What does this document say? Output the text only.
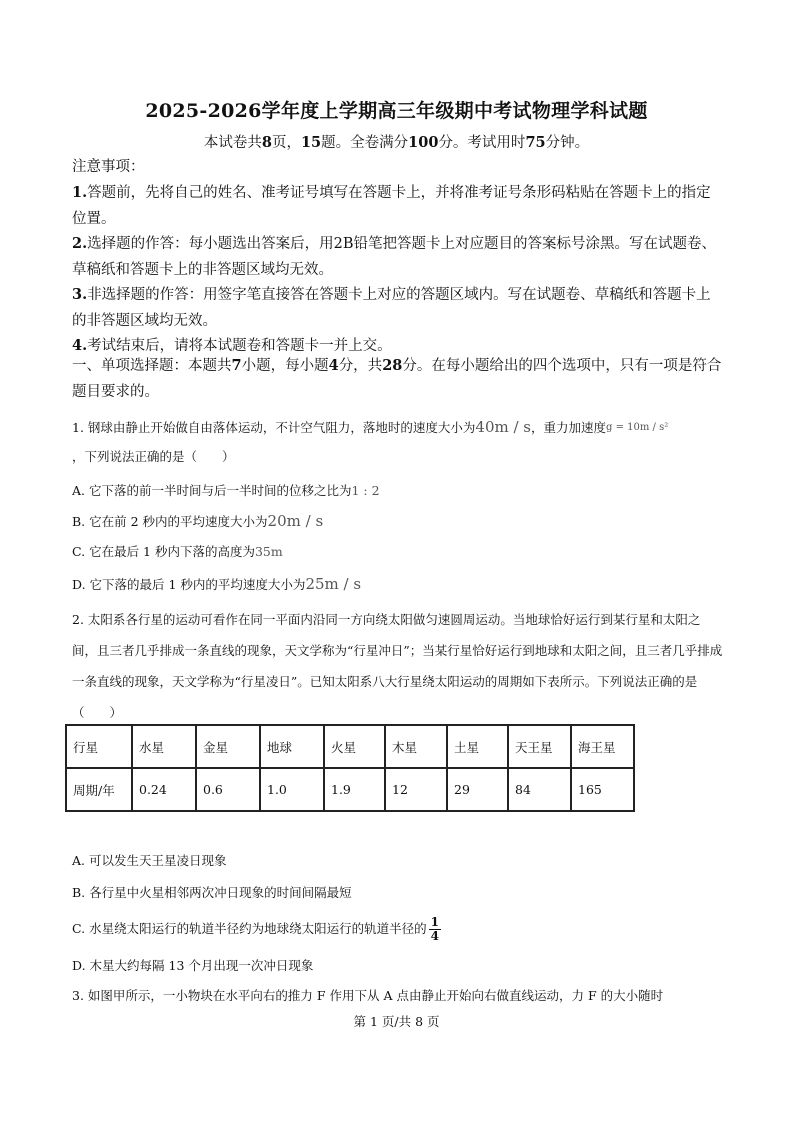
2025-2026学年度上学期高三年级期中考试物理学科试题
本试卷共8页，15题。全卷满分100分。考试用时75分钟。
注意事项：
1.答题前，先将自己的姓名、准考证号填写在答题卡上，并将准考证号条形码粘贴在答题卡上的指定位置。
2.选择题的作答：每小题选出答案后，用2B铅笔把答题卡上对应题目的答案标号涂黑。写在试题卷、草稿纸和答题卡上的非答题区域均无效。
3.非选择题的作答：用签字笔直接答在答题卡上对应的答题区域内。写在试题卷、草稿纸和答题卡上的非答题区域均无效。
4.考试结束后，请将本试题卷和答题卡一并上交。
一、单项选择题：本题共7小题，每小题4分，共28分。在每小题给出的四个选项中，只有一项是符合题目要求的。
1. 钢球由静止开始做自由落体运动，不计空气阻力，落地时的速度大小为40m / s，重力加速度g = 10m / s²
，下列说法正确的是（　　）
A. 它下落的前一半时间与后一半时间的位移之比为1 : 2
B. 它在前 2 秒内的平均速度大小为20m / s
C. 它在最后 1 秒内下落的高度为35m
D. 它下落的最后 1 秒内的平均速度大小为25m / s
2. 太阳系各行星的运动可看作在同一平面内沿同一方向绕太阳做匀速圆周运动。当地球恰好运行到某行星和太阳之间，且三者几乎排成一条直线的现象，天文学称为“行星冲日”；当某行星恰好运行到地球和太阳之间，且三者几乎排成一条直线的现象，天文学称为“行星凌日”。已知太阳系八大行星绕太阳运动的周期如下表所示。下列说法正确的是（　　）
行星	水星	金星	地球	火星	木星	土星	天王星	海王星
周期/年	0.24	0.6	1.0	1.9	12	29	84	165
A. 可以发生天王星凌日现象
B. 各行星中火星相邻两次冲日现象的时间间隔最短
C. 水星绕太阳运行的轨道半径约为地球绕太阳运行的轨道半径的 $\frac{1}{4}$
D. 木星大约每隔 13 个月出现一次冲日现象
3. 如图甲所示，一小物块在水平向右的推力 F 作用下从 A 点由静止开始向右做直线运动，力 F 的大小随时
第 1 页/共 8 页
